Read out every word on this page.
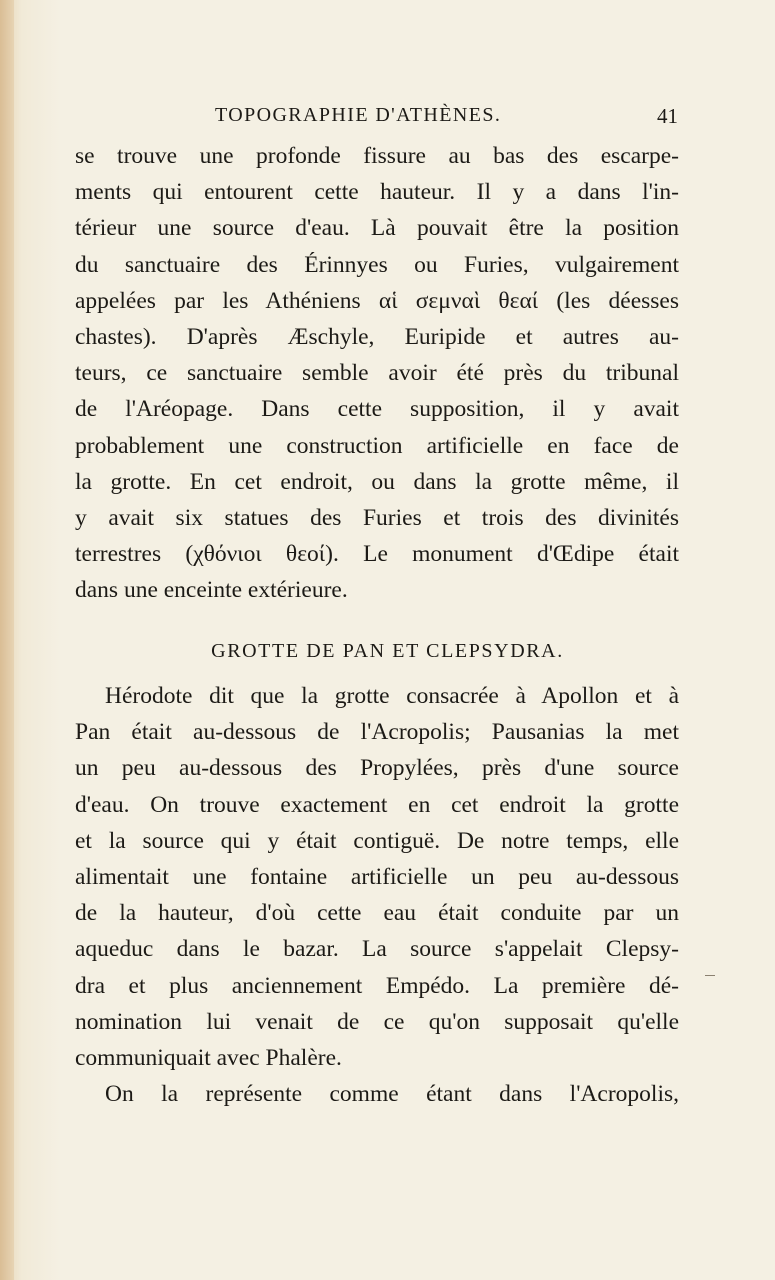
TOPOGRAPHIE D'ATHÈNES.	41
se trouve une profonde fissure au bas des escarpe-
ments qui entourent cette hauteur. Il y a dans l'in-
térieur une source d'eau. Là pouvait être la position
du sanctuaire des Érinnyes ou Furies, vulgairement
appelées par les Athéniens αἱ σεμναὶ θεαί (les déesses
chastes). D'après Æschyle, Euripide et autres au-
teurs, ce sanctuaire semble avoir été près du tribunal
de l'Aréopage. Dans cette supposition, il y avait
probablement une construction artificielle en face de
la grotte. En cet endroit, ou dans la grotte même, il
y avait six statues des Furies et trois des divinités
terrestres (χθόνιοι θεοί). Le monument d'Œdipe était
dans une enceinte extérieure.
GROTTE DE PAN ET CLEPSYDRA.
Hérodote dit que la grotte consacrée à Apollon et à
Pan était au-dessous de l'Acropolis; Pausanias la met
un peu au-dessous des Propylées, près d'une source
d'eau. On trouve exactement en cet endroit la grotte
et la source qui y était contiguë. De notre temps, elle
alimentait une fontaine artificielle un peu au-dessous
de la hauteur, d'où cette eau était conduite par un
aqueduc dans le bazar. La source s'appelait Clepsy-
dra et plus anciennement Empédo. La première dé-
nomination lui venait de ce qu'on supposait qu'elle
communiquait avec Phalère.
On la représente comme étant dans l'Acropolis,
